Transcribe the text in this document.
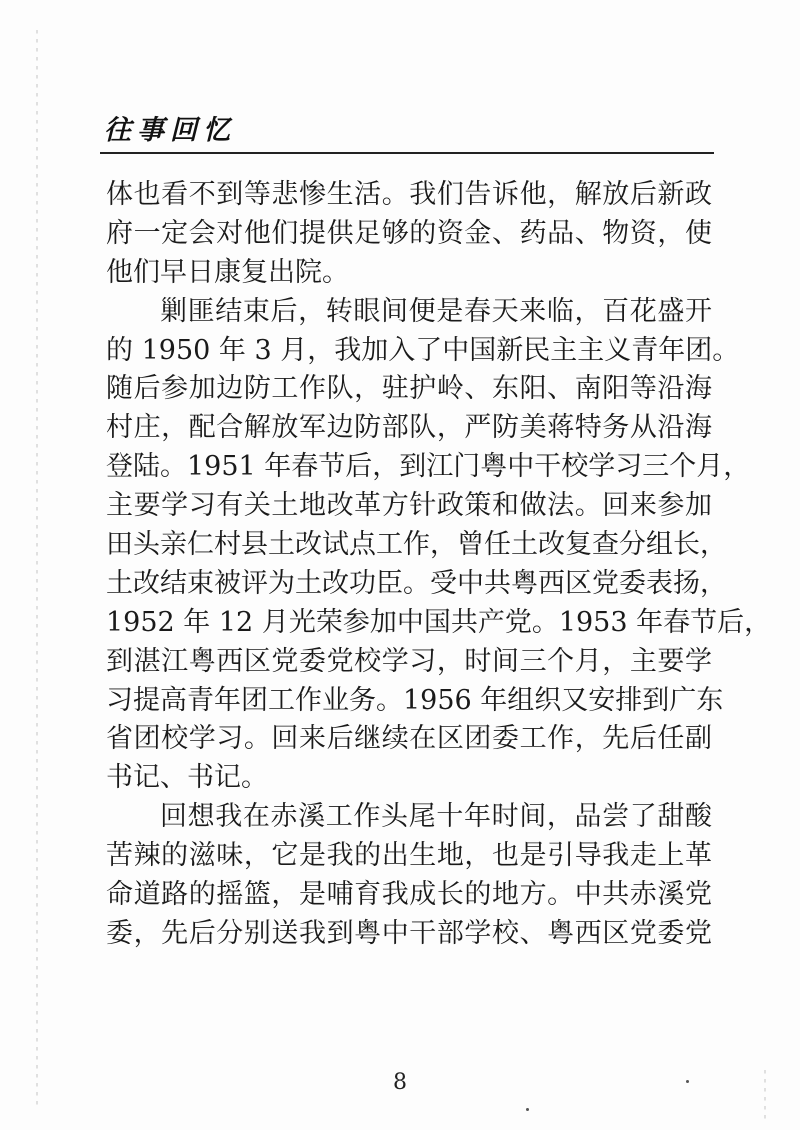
往事回忆
体也看不到等悲惨生活。我们告诉他，解放后新政
府一定会对他们提供足够的资金、药品、物资，使
他们早日康复出院。
剿匪结束后，转眼间便是春天来临，百花盛开
的 1950 年 3 月，我加入了中国新民主主义青年团。
随后参加边防工作队，驻护岭、东阳、南阳等沿海
村庄，配合解放军边防部队，严防美蒋特务从沿海
登陆。1951 年春节后，到江门粤中干校学习三个月，
主要学习有关土地改革方针政策和做法。回来参加
田头亲仁村县土改试点工作，曾任土改复查分组长，
土改结束被评为土改功臣。受中共粤西区党委表扬，
1952 年 12 月光荣参加中国共产党。1953 年春节后，
到湛江粤西区党委党校学习，时间三个月，主要学
习提高青年团工作业务。1956 年组织又安排到广东
省团校学习。回来后继续在区团委工作，先后任副
书记、书记。
回想我在赤溪工作头尾十年时间，品尝了甜酸
苦辣的滋味，它是我的出生地，也是引导我走上革
命道路的摇篮，是哺育我成长的地方。中共赤溪党
委，先后分别送我到粤中干部学校、粤西区党委党
8
